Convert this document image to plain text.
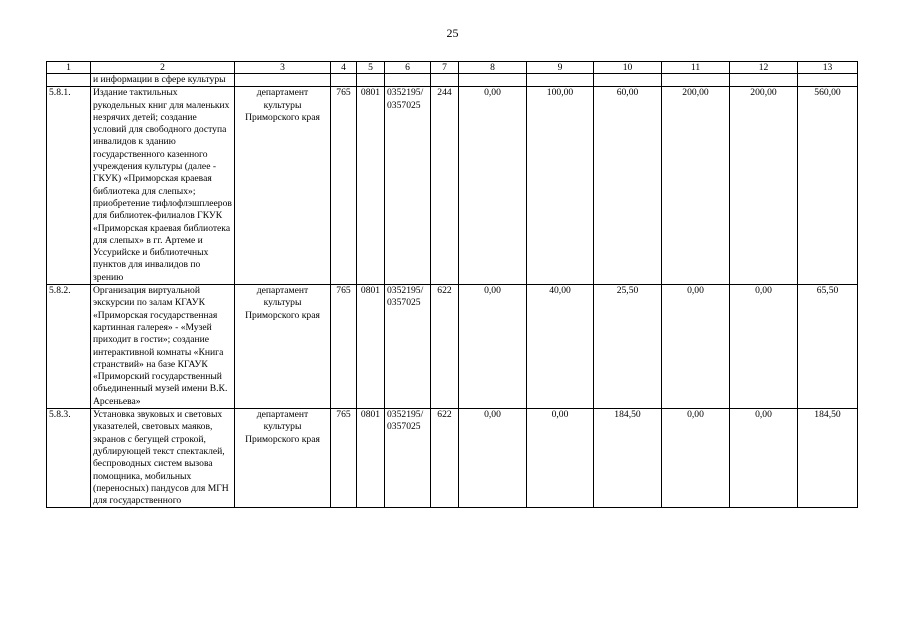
25
1	2	3	4	5	6	7	8	9	10	11	12	13
	и информации в сфере культуры											
5.8.1.	Издание тактильных рукодельных книг для маленьких незрячих детей; создание условий для свободного доступа инвалидов к зданию государственного казенного учреждения культуры (далее - ГКУК) «Приморская краевая библиотека для слепых»; приобретение тифлофлэшплееров для библиотек-филиалов ГКУК «Приморская краевая библиотека для слепых» в гг. Артеме и Уссурийске и библиотечных пунктов для инвалидов по зрению	департамент культуры Приморского края	765	0801	0352195/ 0357025	244	0,00	100,00	60,00	200,00	200,00	560,00
5.8.2.	Организация виртуальной экскурсии по залам КГАУК «Приморская государственная картинная галерея» - «Музей приходит в гости»; создание интерактивной комнаты «Книга странствий» на базе КГАУК «Приморский государственный объединенный музей имени В.К. Арсеньева»	департамент культуры Приморского края	765	0801	0352195/ 0357025	622	0,00	40,00	25,50	0,00	0,00	65,50
5.8.3.	Установка звуковых и световых указателей, световых маяков, экранов с бегущей строкой, дублирующей текст спектаклей, беспроводных систем вызова помощника, мобильных (переносных) пандусов для МГН для государственного	департамент культуры Приморского края	765	0801	0352195/ 0357025	622	0,00	0,00	184,50	0,00	0,00	184,50
